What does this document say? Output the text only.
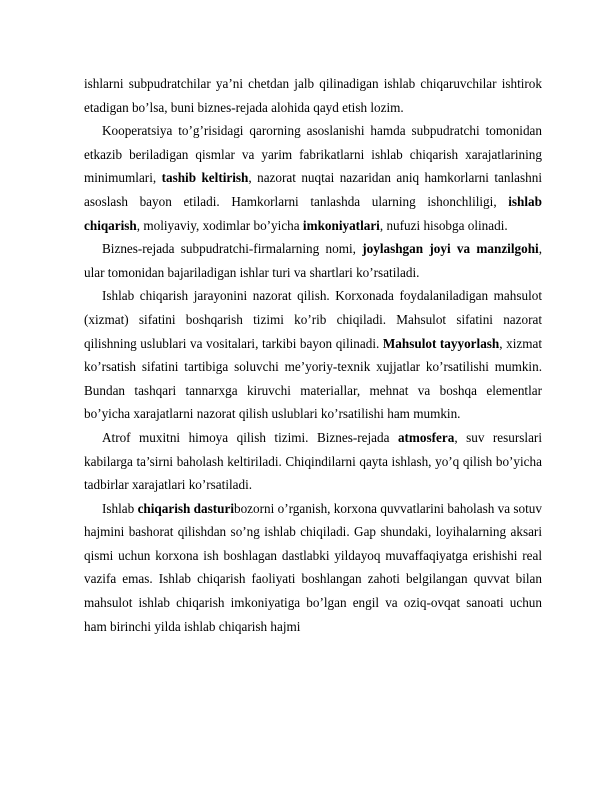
ishlarni subpudratchilar ya’ni chetdan jalb qilinadigan ishlab chiqaruvchilar ishtirok etadigan bo’lsa, buni biznes-rejada alohida qayd etish lozim.

Kooperatsiya to’g’risidagi qarorning asoslanishi hamda subpudratchi tomonidan etkazib beriladigan qismlar va yarim fabrikatlarni ishlab chiqarish xarajatlarining minimumlari, tashib keltirish, nazorat nuqtai nazaridan aniq hamkorlarni tanlashni asoslash bayon etiladi. Hamkorlarni tanlashda ularning ishonchliligi, ishlab chiqarish, moliyaviy, xodimlar bo’yicha imkoniyatlari, nufuzi hisobga olinadi.

Biznes-rejada subpudratchi-firmalarning nomi, joylashgan joyi va manzilgohi, ular tomonidan bajariladigan ishlar turi va shartlari ko’rsatiladi.

Ishlab chiqarish jarayonini nazorat qilish. Korxonada foydalaniladigan mahsulot (xizmat) sifatini boshqarish tizimi ko’rib chiqiladi. Mahsulot sifatini nazorat qilishning uslublari va vositalari, tarkibi bayon qilinadi. Mahsulot tayyorlash, xizmat ko’rsatish sifatini tartibiga soluvchi me’yoriy-texnik xujjatlar ko’rsatilishi mumkin. Bundan tashqari tannarxga kiruvchi materiallar, mehnat va boshqa elementlar bo’yicha xarajatlarni nazorat qilish uslublari ko’rsatilishi ham mumkin.

Atrof muxitni himoya qilish tizimi. Biznes-rejada atmosfera, suv resurslari kabilarga ta’sirni baholash keltiriladi. Chiqindilarni qayta ishlash, yo’q qilish bo’yicha tadbirlar xarajatlari ko’rsatiladi.

Ishlab chiqarish dasturibozorni o’rganish, korxona quvvatlarini baholash va sotuv hajmini bashorat qilishdan so’ng ishlab chiqiladi. Gap shundaki, loyihalarning aksari qismi uchun korxona ish boshlagan dastlabki yildayoq muvaffaqiyatga erishishi real vazifa emas. Ishlab chiqarish faoliyati boshlangan zahoti belgilangan quvvat bilan mahsulot ishlab chiqarish imkoniyatiga bo’lgan engil va oziq-ovqat sanoati uchun ham birinchi yilda ishlab chiqarish hajmi
